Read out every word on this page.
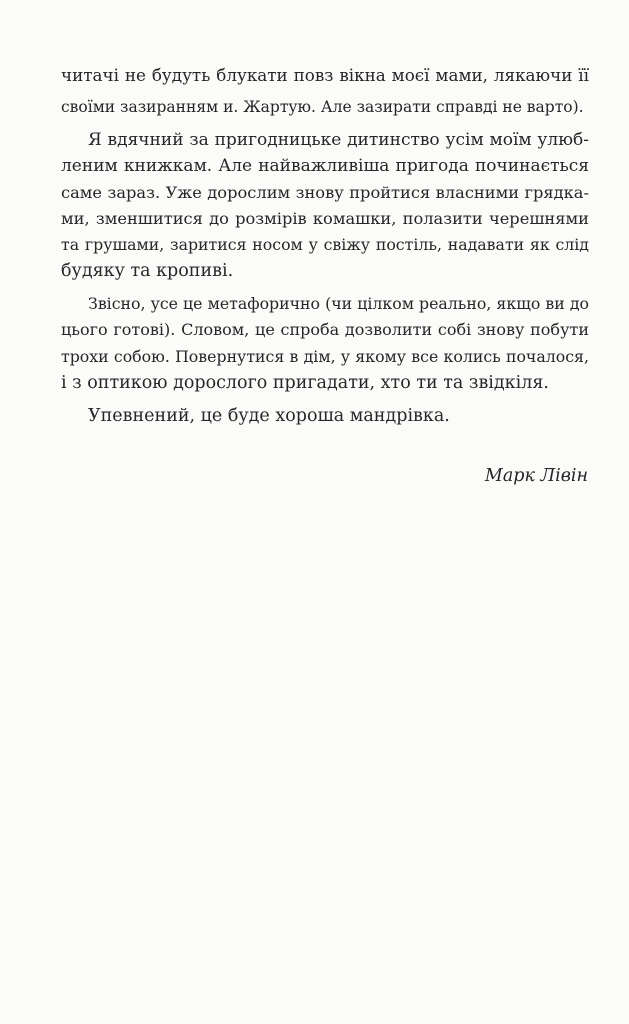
читачі не будуть блукати повз вікна моєї мами, лякаючи її
своїми зазиранням и. Жартую. Але зазирати справді не варто).
Я вдячний за пригодницьке дитинство усім моїм улюб-
леним книжкам. Але найважливіша пригода починається
саме зараз. Уже дорослим знову пройтися власними грядка-
ми, зменшитися до розмірів комашки, полазити черешнями
та грушами, заритися носом у свіжу постіль, надавати як слід
будяку та кропиві.
Звісно, усе це метафорично (чи цілком реально, якщо ви до
цього готові). Словом, це спроба дозволити собі знову побути
трохи собою. Повернутися в дім, у якому все колись почалося,
і з оптикою дорослого пригадати, хто ти та звідкіля.
Упевнений, це буде хороша мандрівка.
Марк Лівін
